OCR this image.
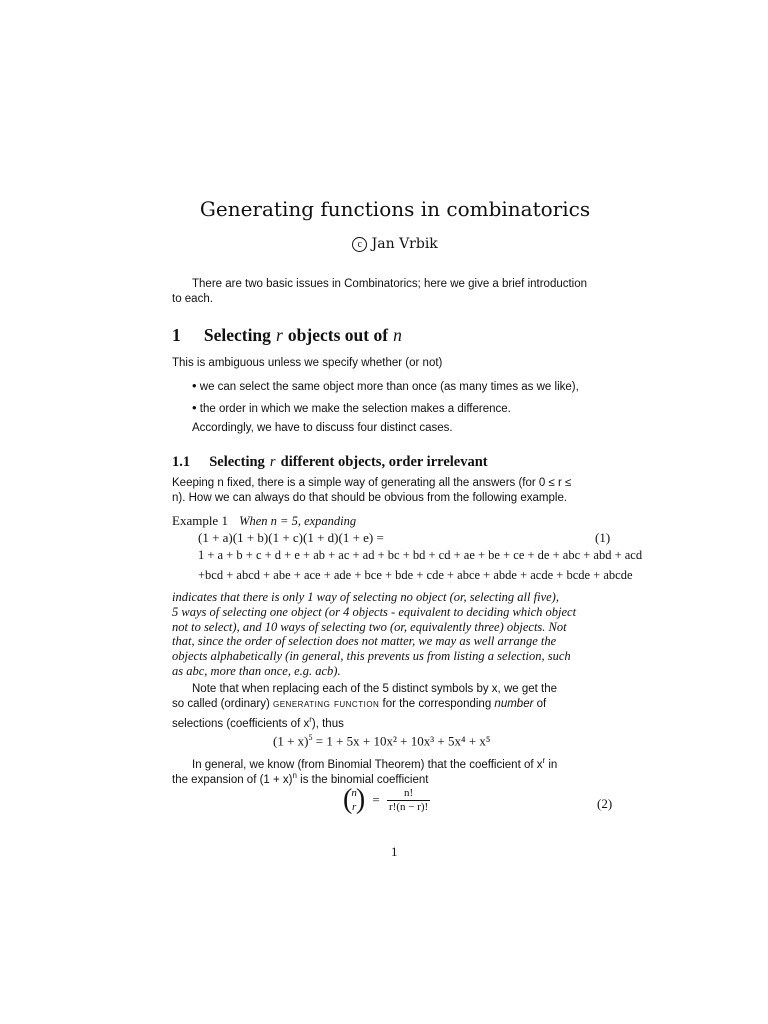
Generating functions in combinatorics
c Jan Vrbik
There are two basic issues in Combinatorics; here we give a brief introduction
to each.
1 Selecting r objects out of n
This is ambiguous unless we specify whether (or not)
• we can select the same object more than once (as many times as we like),
• the order in which we make the selection makes a difference.
Accordingly, we have to discuss four distinct cases.
1.1 Selecting r different objects, order irrelevant
Keeping n fixed, there is a simple way of generating all the answers (for 0 ≤ r ≤
n). How we can always do that should be obvious from the following example.
Example 1 When n = 5, expanding
(1 + a)(1 + b)(1 + c)(1 + d)(1 + e) =	(1)
1 + a + b + c + d + e + ab + ac + ad + bc + bd + cd + ae + be + ce + de + abc + abd + acd
+bcd + abcd + abe + ace + ade + bce + bde + cde + abce + abde + acde + bcde + abcde
indicates that there is only 1 way of selecting no object (or, selecting all five),
5 ways of selecting one object (or 4 objects - equivalent to deciding which object
not to select), and 10 ways of selecting two (or, equivalently three) objects. Not
that, since the order of selection does not matter, we may as well arrange the
objects alphabetically (in general, this prevents us from listing a selection, such
as abc, more than once, e.g. acb).
Note that when replacing each of the 5 distinct symbols by x, we get the
so called (ordinary) generating function for the corresponding number of
selections (coefficients of $x^r$), thus
$(1 + x)^5 = 1 + 5x + 10x^2 + 10x^3 + 5x^4 + x^5$
In general, we know (from Binomial Theorem) that the coefficient of $x^r$ in
the expansion of $(1 + x)^n$ is the binomial coefficient
( n
r ) = $\frac{n!}{r!(n - r)!}$	(2)
1
